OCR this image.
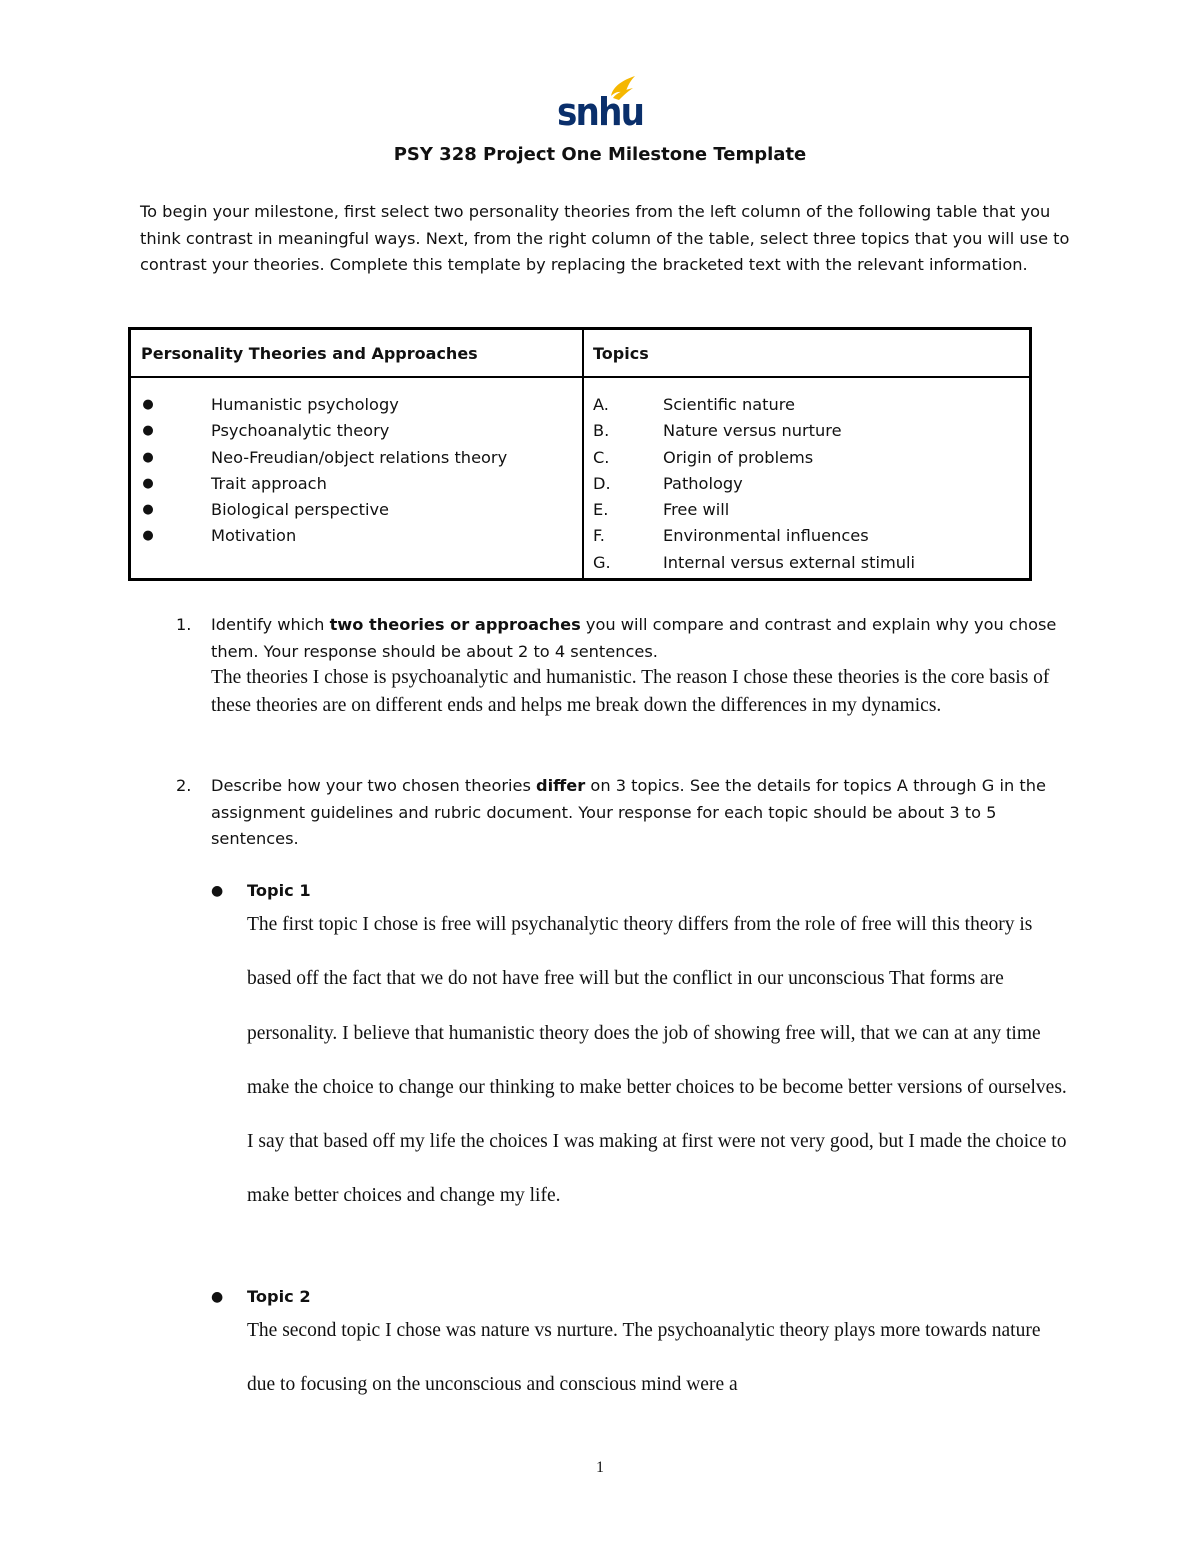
snhu
PSY 328 Project One Milestone Template
To begin your milestone, first select two personality theories from the left column of the following table that you think contrast in meaningful ways. Next, from the right column of the table, select three topics that you will use to contrast your theories. Complete this template by replacing the bracketed text with the relevant information.
Personality Theories and Approaches	Topics
●	Humanistic psychology
●	Psychoanalytic theory
●	Neo-Freudian/object relations theory
●	Trait approach
●	Biological perspective
●	Motivation
A.	Scientific nature
B.	Nature versus nurture
C.	Origin of problems
D.	Pathology
E.	Free will
F.	Environmental influences
G.	Internal versus external stimuli
1. Identify which two theories or approaches you will compare and contrast and explain why you chose them. Your response should be about 2 to 4 sentences.
The theories I chose is psychoanalytic and humanistic. The reason I chose these theories is the core basis of these theories are on different ends and helps me break down the differences in my dynamics.
2. Describe how your two chosen theories differ on 3 topics. See the details for topics A through G in the assignment guidelines and rubric document. Your response for each topic should be about 3 to 5 sentences.
● Topic 1
The first topic I chose is free will psychanalytic theory differs from the role of free will this theory is based off the fact that we do not have free will but the conflict in our unconscious That forms are personality. I believe that humanistic theory does the job of showing free will, that we can at any time make the choice to change our thinking to make better choices to be become better versions of ourselves. I say that based off my life the choices I was making at first were not very good, but I made the choice to make better choices and change my life.
● Topic 2
The second topic I chose was nature vs nurture. The psychoanalytic theory plays more towards nature due to focusing on the unconscious and conscious mind were a
1
